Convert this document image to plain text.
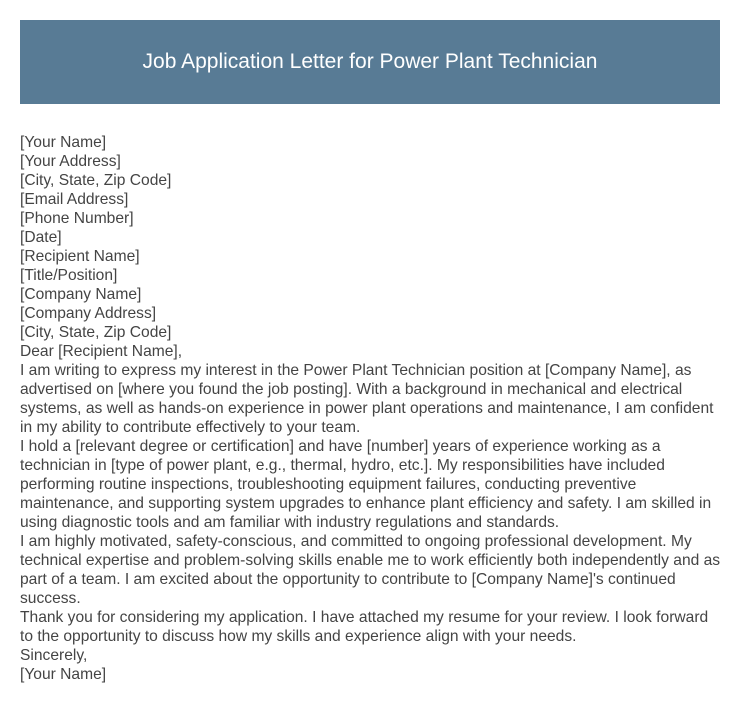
Job Application Letter for Power Plant Technician

[Your Name]

[Your Address]

[City, State, Zip Code]

[Email Address]

[Phone Number]

[Date]

[Recipient Name]

[Title/Position]

[Company Name]

[Company Address]

[City, State, Zip Code]

Dear [Recipient Name],

I am writing to express my interest in the Power Plant Technician position at [Company Name], as advertised on [where you found the job posting]. With a background in mechanical and electrical systems, as well as hands-on experience in power plant operations and maintenance, I am confident in my ability to contribute effectively to your team.

I hold a [relevant degree or certification] and have [number] years of experience working as a technician in [type of power plant, e.g., thermal, hydro, etc.]. My responsibilities have included performing routine inspections, troubleshooting equipment failures, conducting preventive maintenance, and supporting system upgrades to enhance plant efficiency and safety. I am skilled in using diagnostic tools and am familiar with industry regulations and standards.

I am highly motivated, safety-conscious, and committed to ongoing professional development. My technical expertise and problem-solving skills enable me to work efficiently both independently and as part of a team. I am excited about the opportunity to contribute to [Company Name]'s continued success.

Thank you for considering my application. I have attached my resume for your review. I look forward to the opportunity to discuss how my skills and experience align with your needs.

Sincerely,

[Your Name]
